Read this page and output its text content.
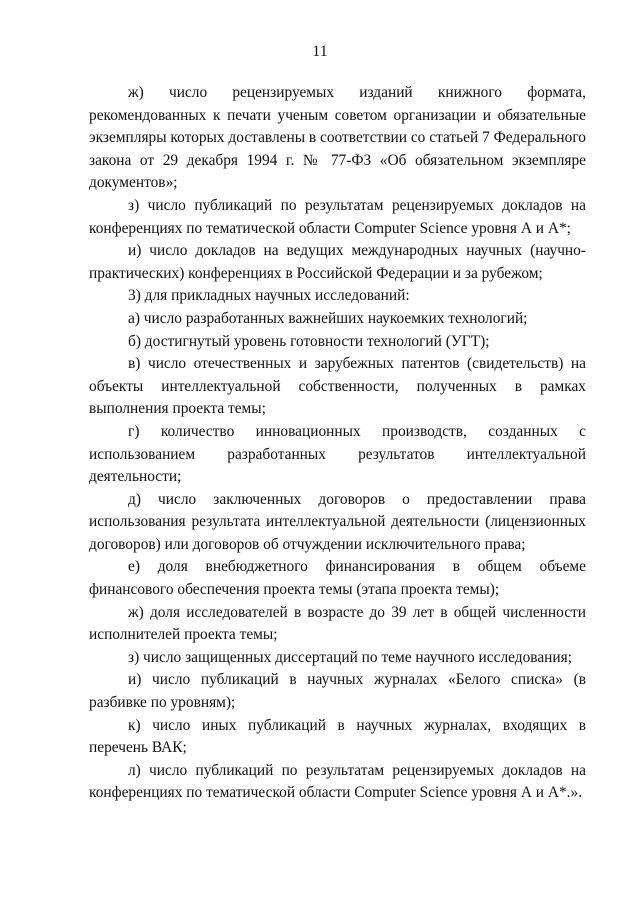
11

ж) число рецензируемых изданий книжного формата, рекомендованных к печати ученым советом организации и обязательные экземпляры которых доставлены в соответствии со статьей 7 Федерального закона от 29 декабря 1994 г. № 77-ФЗ «Об обязательном экземпляре документов»;

з) число публикаций по результатам рецензируемых докладов на конференциях по тематической области Computer Science уровня А и А*;

и) число докладов на ведущих международных научных (научно-практических) конференциях в Российской Федерации и за рубежом;

3) для прикладных научных исследований:

а) число разработанных важнейших наукоемких технологий;

б) достигнутый уровень готовности технологий (УГТ);

в) число отечественных и зарубежных патентов (свидетельств) на объекты интеллектуальной собственности, полученных в рамках выполнения проекта темы;

г) количество инновационных производств, созданных с использованием разработанных результатов интеллектуальной деятельности;

д) число заключенных договоров о предоставлении права использования результата интеллектуальной деятельности (лицензионных договоров) или договоров об отчуждении исключительного права;

е) доля внебюджетного финансирования в общем объеме финансового обеспечения проекта темы (этапа проекта темы);

ж) доля исследователей в возрасте до 39 лет в общей численности исполнителей проекта темы;

з) число защищенных диссертаций по теме научного исследования;

и) число публикаций в научных журналах «Белого списка» (в разбивке по уровням);

к) число иных публикаций в научных журналах, входящих в перечень ВАК;

л) число публикаций по результатам рецензируемых докладов на конференциях по тематической области Computer Science уровня А и А*.».
